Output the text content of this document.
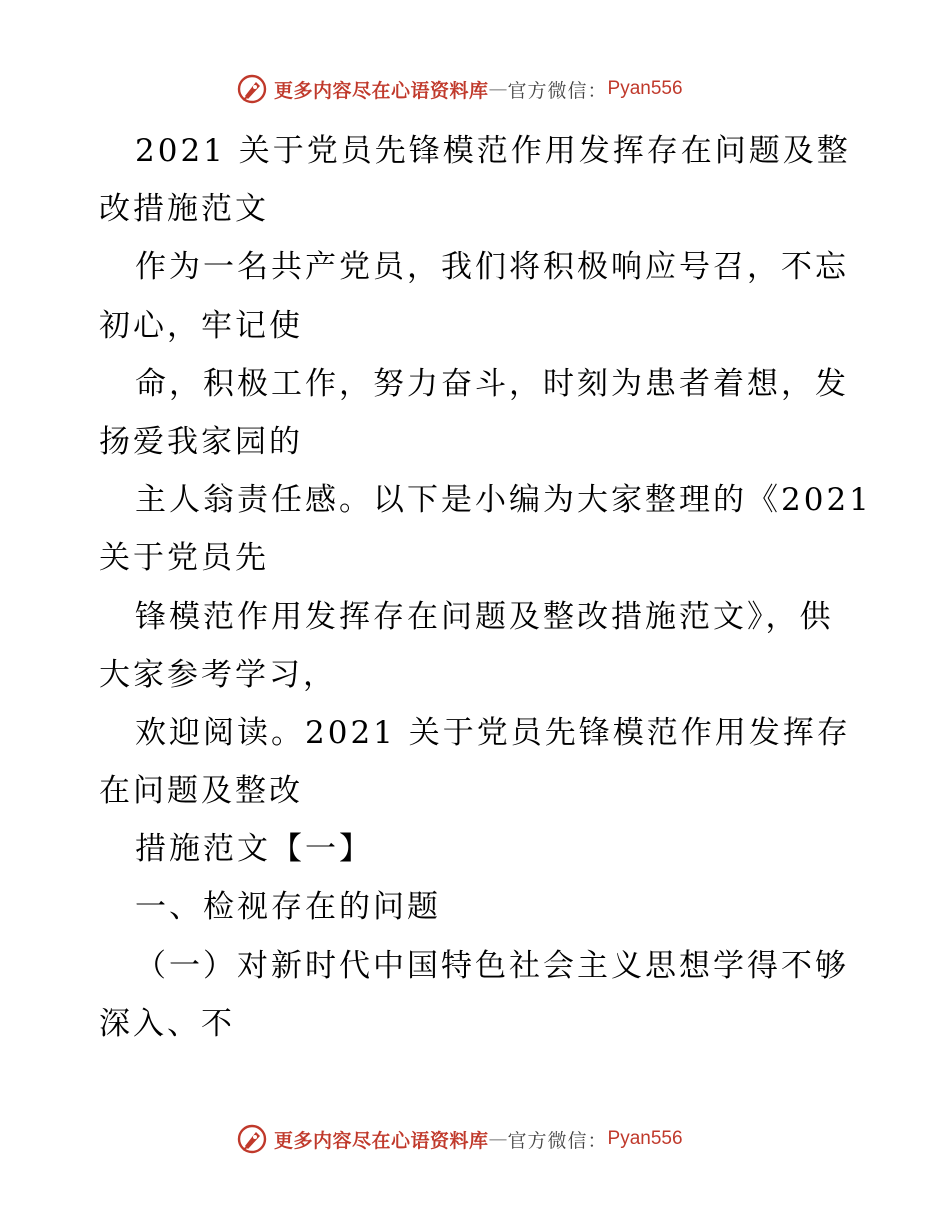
更多内容尽在心语资料库 — 官方微信： Pyan556
2021 关于党员先锋模范作用发挥存在问题及整
改措施范文
作为一名共产党员，我们将积极响应号召，不忘
初心，牢记使
命，积极工作，努力奋斗，时刻为患者着想，发
扬爱我家园的
主人翁责任感。以下是小编为大家整理的《2021
关于党员先
锋模范作用发挥存在问题及整改措施范文》，供
大家参考学习，
欢迎阅读。2021 关于党员先锋模范作用发挥存
在问题及整改
措施范文【一】
一、检视存在的问题
（一）对新时代中国特色社会主义思想学得不够
深入、不
更多内容尽在心语资料库 — 官方微信： Pyan556
